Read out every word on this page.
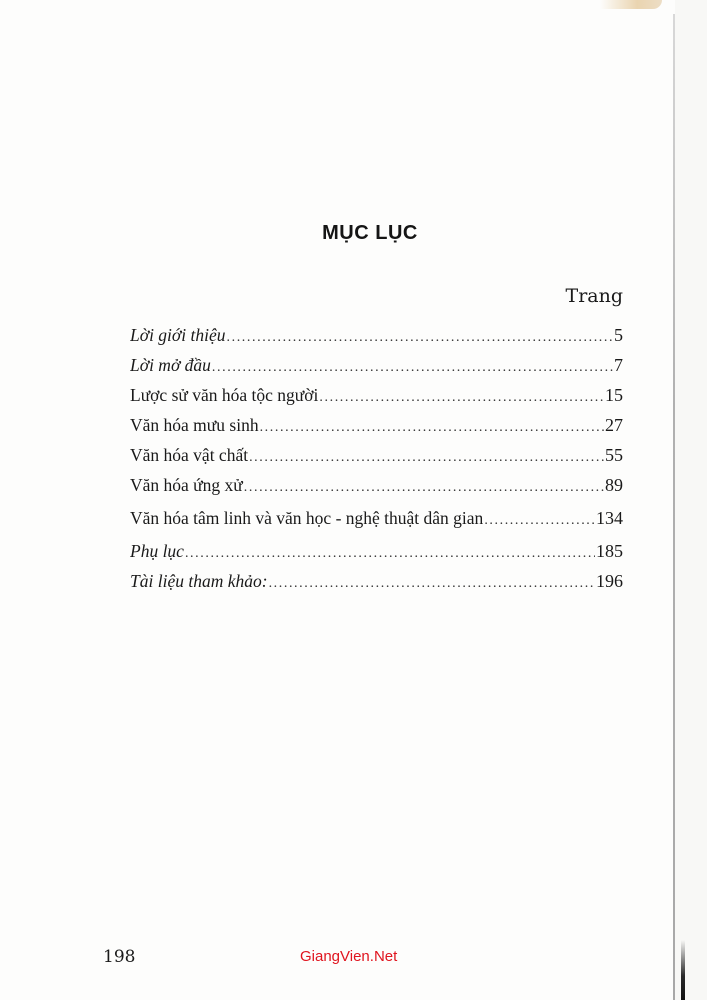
MỤC LỤC
Trang
Lời giới thiệu .....	5
Lời mở đầu .....	7
Lược sử văn hóa tộc người .....	15
Văn hóa mưu sinh .....	27
Văn hóa vật chất .....	55
Văn hóa ứng xử .....	89
Văn hóa tâm linh và văn học - nghệ thuật dân gian .....	134
Phụ lục .....	185
Tài liệu tham khảo: .....	196
198	GiangVien.Net
